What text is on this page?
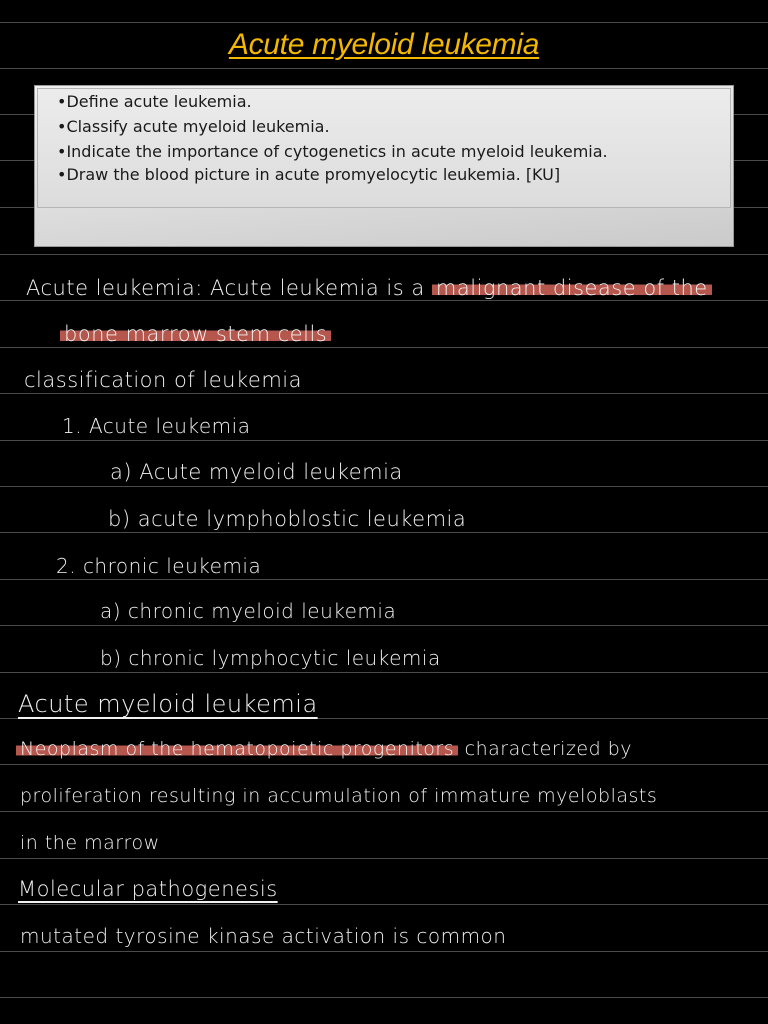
Acute myeloid leukemia
•Define acute leukemia.
•Classify acute myeloid leukemia.
•Indicate the importance of cytogenetics in acute myeloid leukemia.
•Draw the blood picture in acute promyelocytic leukemia. [KU]
Acute leukemia: Acute leukemia is a malignant disease of the
bone marrow stem cells
classification of leukemia
1. Acute leukemia
a) Acute myeloid leukemia
b) acute lymphoblostic leukemia
2. chronic leukemia
a) chronic myeloid leukemia
b) chronic lymphocytic leukemia
Acute myeloid leukemia
Neoplasm of the hematopoietic progenitors characterized by
proliferation resulting in accumulation of immature myeloblasts
in the marrow
Molecular pathogenesis
mutated tyrosine kinase activation is common
